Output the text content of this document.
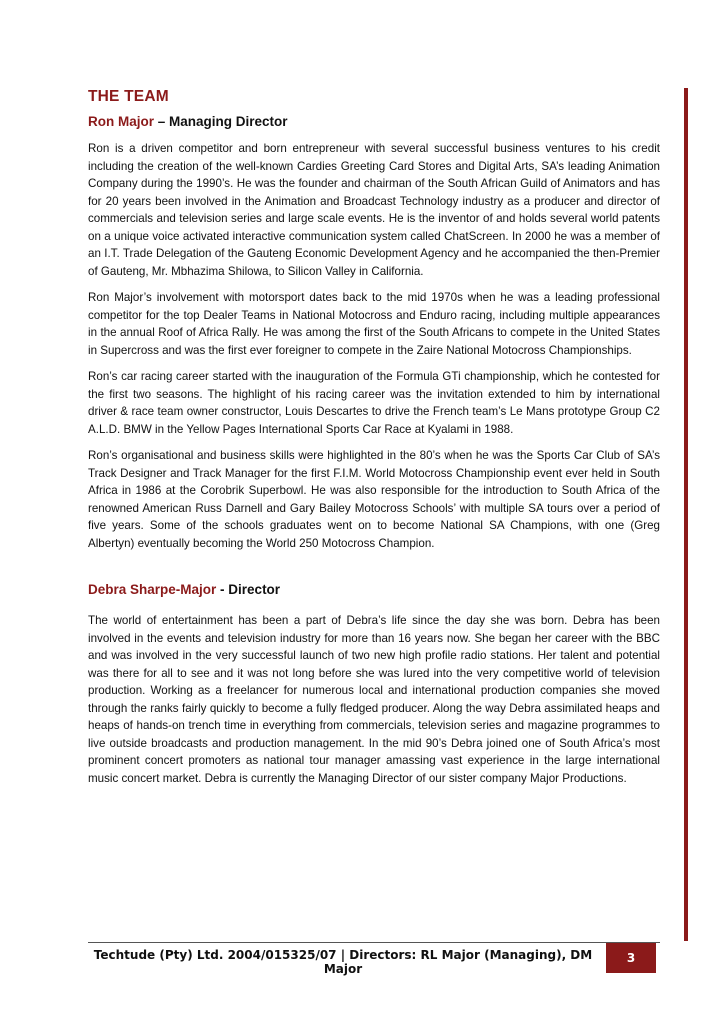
THE TEAM
Ron Major – Managing Director

Ron is a driven competitor and born entrepreneur with several successful business ventures to his credit including the creation of the well-known Cardies Greeting Card Stores and Digital Arts, SA’s leading Animation Company during the 1990’s. He was the founder and chairman of the South African Guild of Animators and has for 20 years been involved in the Animation and Broadcast Technology industry as a producer and director of commercials and television series and large scale events. He is the inventor of and holds several world patents on a unique voice activated interactive communication system called ChatScreen. In 2000 he was a member of an I.T. Trade Delegation of the Gauteng Economic Development Agency and he accompanied the then-Premier of Gauteng, Mr. Mbhazima Shilowa, to Silicon Valley in California.

Ron Major’s involvement with motorsport dates back to the mid 1970s when he was a leading professional competitor for the top Dealer Teams in National Motocross and Enduro racing, including multiple appearances in the annual Roof of Africa Rally. He was among the first of the South Africans to compete in the United States in Supercross and was the first ever foreigner to compete in the Zaire National Motocross Championships.

Ron’s car racing career started with the inauguration of the Formula GTi championship, which he contested for the first two seasons. The highlight of his racing career was the invitation extended to him by international driver & race team owner constructor, Louis Descartes to drive the French team’s Le Mans prototype Group C2 A.L.D. BMW in the Yellow Pages International Sports Car Race at Kyalami in 1988.

Ron’s organisational and business skills were highlighted in the 80’s when he was the Sports Car Club of SA’s Track Designer and Track Manager for the first F.I.M. World Motocross Championship event ever held in South Africa in 1986 at the Corobrik Superbowl. He was also responsible for the introduction to South Africa of the renowned American Russ Darnell and Gary Bailey Motocross Schools’ with multiple SA tours over a period of five years. Some of the schools graduates went on to become National SA Champions, with one (Greg Albertyn) eventually becoming the World 250 Motocross Champion.

Debra Sharpe-Major - Director

The world of entertainment has been a part of Debra’s life since the day she was born. Debra has been involved in the events and television industry for more than 16 years now. She began her career with the BBC and was involved in the very successful launch of two new high profile radio stations. Her talent and potential was there for all to see and it was not long before she was lured into the very competitive world of television production. Working as a freelancer for numerous local and international production companies she moved through the ranks fairly quickly to become a fully fledged producer. Along the way Debra assimilated heaps and heaps of hands-on trench time in everything from commercials, television series and magazine programmes to live outside broadcasts and production management. In the mid 90’s Debra joined one of South Africa’s most prominent concert promoters as national tour manager amassing vast experience in the large international music concert market. Debra is currently the Managing Director of our sister company Major Productions.

Techtude (Pty) Ltd. 2004/015325/07 | Directors: RL Major (Managing), DM Major
3
